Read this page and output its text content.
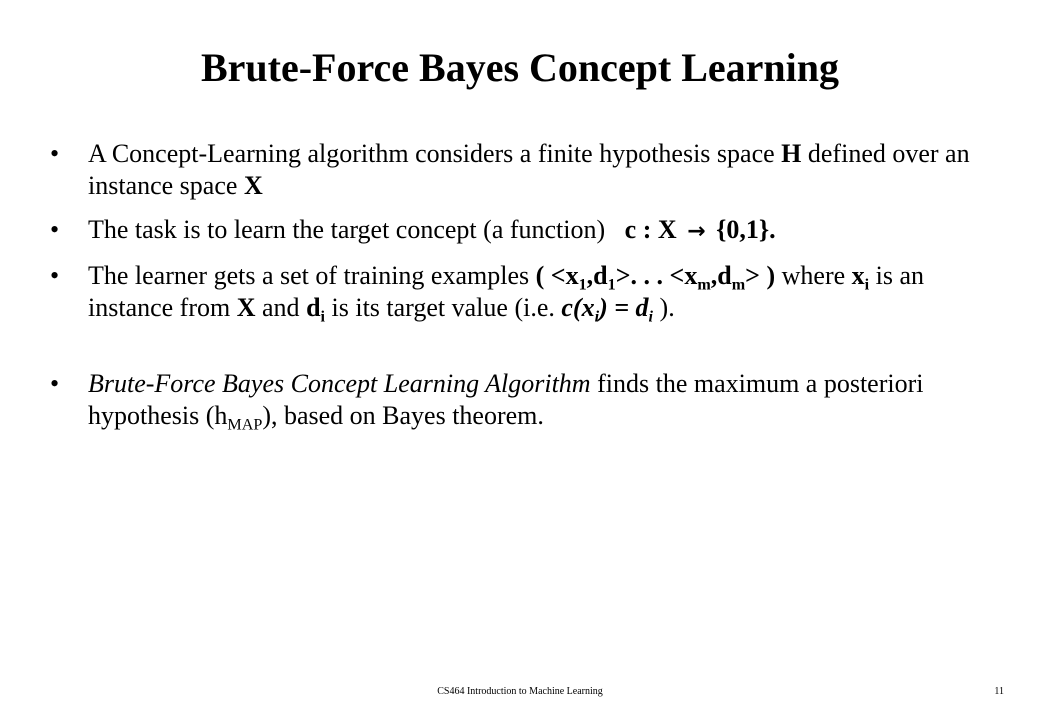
Brute-Force Bayes Concept Learning
• A Concept-Learning algorithm considers a finite hypothesis space H defined over an instance space X
• The task is to learn the target concept (a function)   c : X → {0,1}.
• The learner gets a set of training examples ( $<x_1,d_1>$. . . $<x_m,d_m>$ ) where $x_i$ is an instance from X and $d_i$ is its target value (i.e. $c(x_i) = d_i$ ).
• Brute-Force Bayes Concept Learning Algorithm finds the maximum a posteriori hypothesis $(h_{MAP})$, based on Bayes theorem.
CS464 Introduction to Machine Learning	11
